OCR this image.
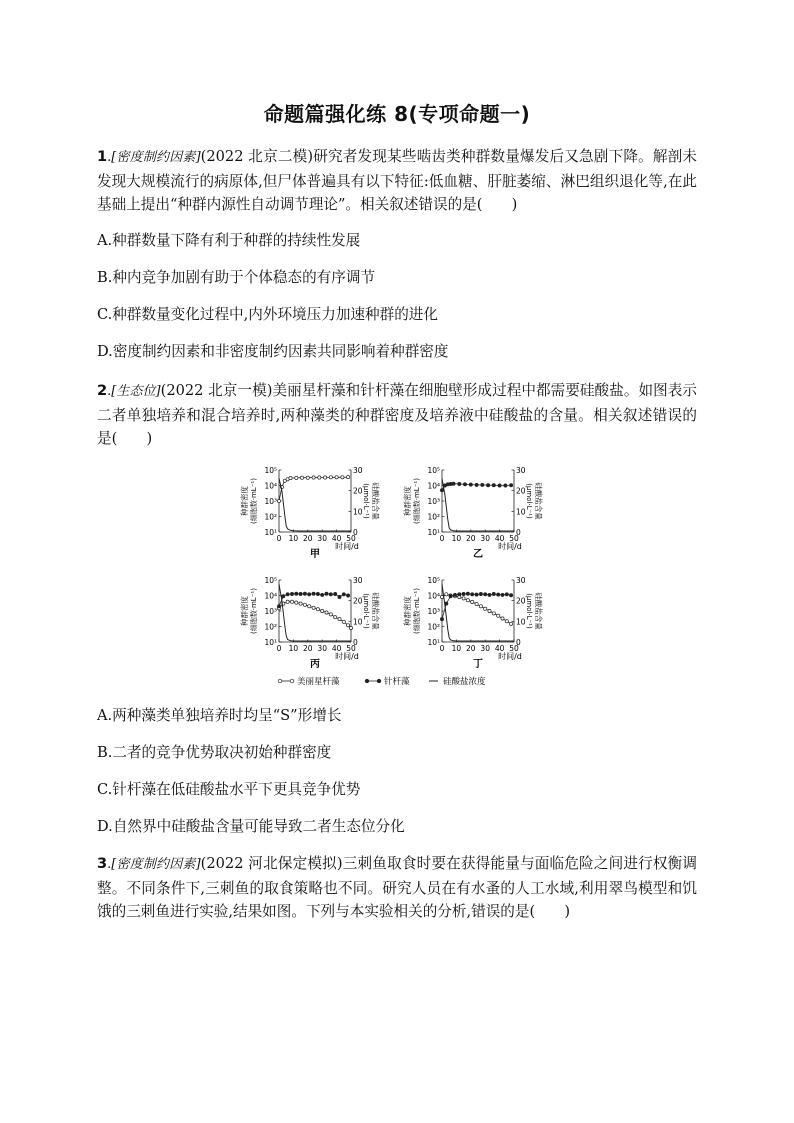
命题篇强化练 8(专项命题一)
1.[密度制约因素](2022 北京二模)研究者发现某些啮齿类种群数量爆发后又急剧下降。解剖未发现大规模流行的病原体,但尸体普遍具有以下特征:低血糖、肝脏萎缩、淋巴组织退化等,在此基础上提出“种群内源性自动调节理论”。相关叙述错误的是(　　)
A.种群数量下降有利于种群的持续性发展
B.种内竞争加剧有助于个体稳态的有序调节
C.种群数量变化过程中,内外环境压力加速种群的进化
D.密度制约因素和非密度制约因素共同影响着种群密度
2.[生态位](2022 北京一模)美丽星杆藻和针杆藻在细胞壁形成过程中都需要硅酸盐。如图表示二者单独培养和混合培养时,两种藻类的种群密度及培养液中硅酸盐的含量。相关叙述错误的是(　　)
10¹
10²
10³
10⁴
10⁵
0
10
20
30
0 10 20 30 40 50
时间/d
种群密度 (细胞数·mL⁻¹)	硅酸盐含量
(μmol·L⁻¹)
甲
10¹
10²
10³
10⁴
10⁵
0
10
20
30
0 10 20 30 40 50
时间/d
种群密度 (细胞数·mL⁻¹)	硅酸盐含量
(μmol·L⁻¹)
乙
10¹
10²
10³
10⁴
10⁵
0
10
20
30
0 10 20 30 40 50
时间/d
种群密度 (细胞数·mL⁻¹)	硅酸盐含量
(μmol·L⁻¹)
丙
10¹
10²
10³
10⁴
10⁵
0
10
20
30
0 10 20 30 40 50
时间/d
种群密度 (细胞数·mL⁻¹)	硅酸盐含量
(μmol·L⁻¹)
丁
美丽星杆藻	针杆藻	硅酸盐浓度
A.两种藻类单独培养时均呈“S”形增长
B.二者的竞争优势取决初始种群密度
C.针杆藻在低硅酸盐水平下更具竞争优势
D.自然界中硅酸盐含量可能导致二者生态位分化
3.[密度制约因素](2022 河北保定模拟)三刺鱼取食时要在获得能量与面临危险之间进行权衡调整。不同条件下,三刺鱼的取食策略也不同。研究人员在有水蚤的人工水域,利用翠鸟模型和饥饿的三刺鱼进行实验,结果如图。下列与本实验相关的分析,错误的是(　　)
